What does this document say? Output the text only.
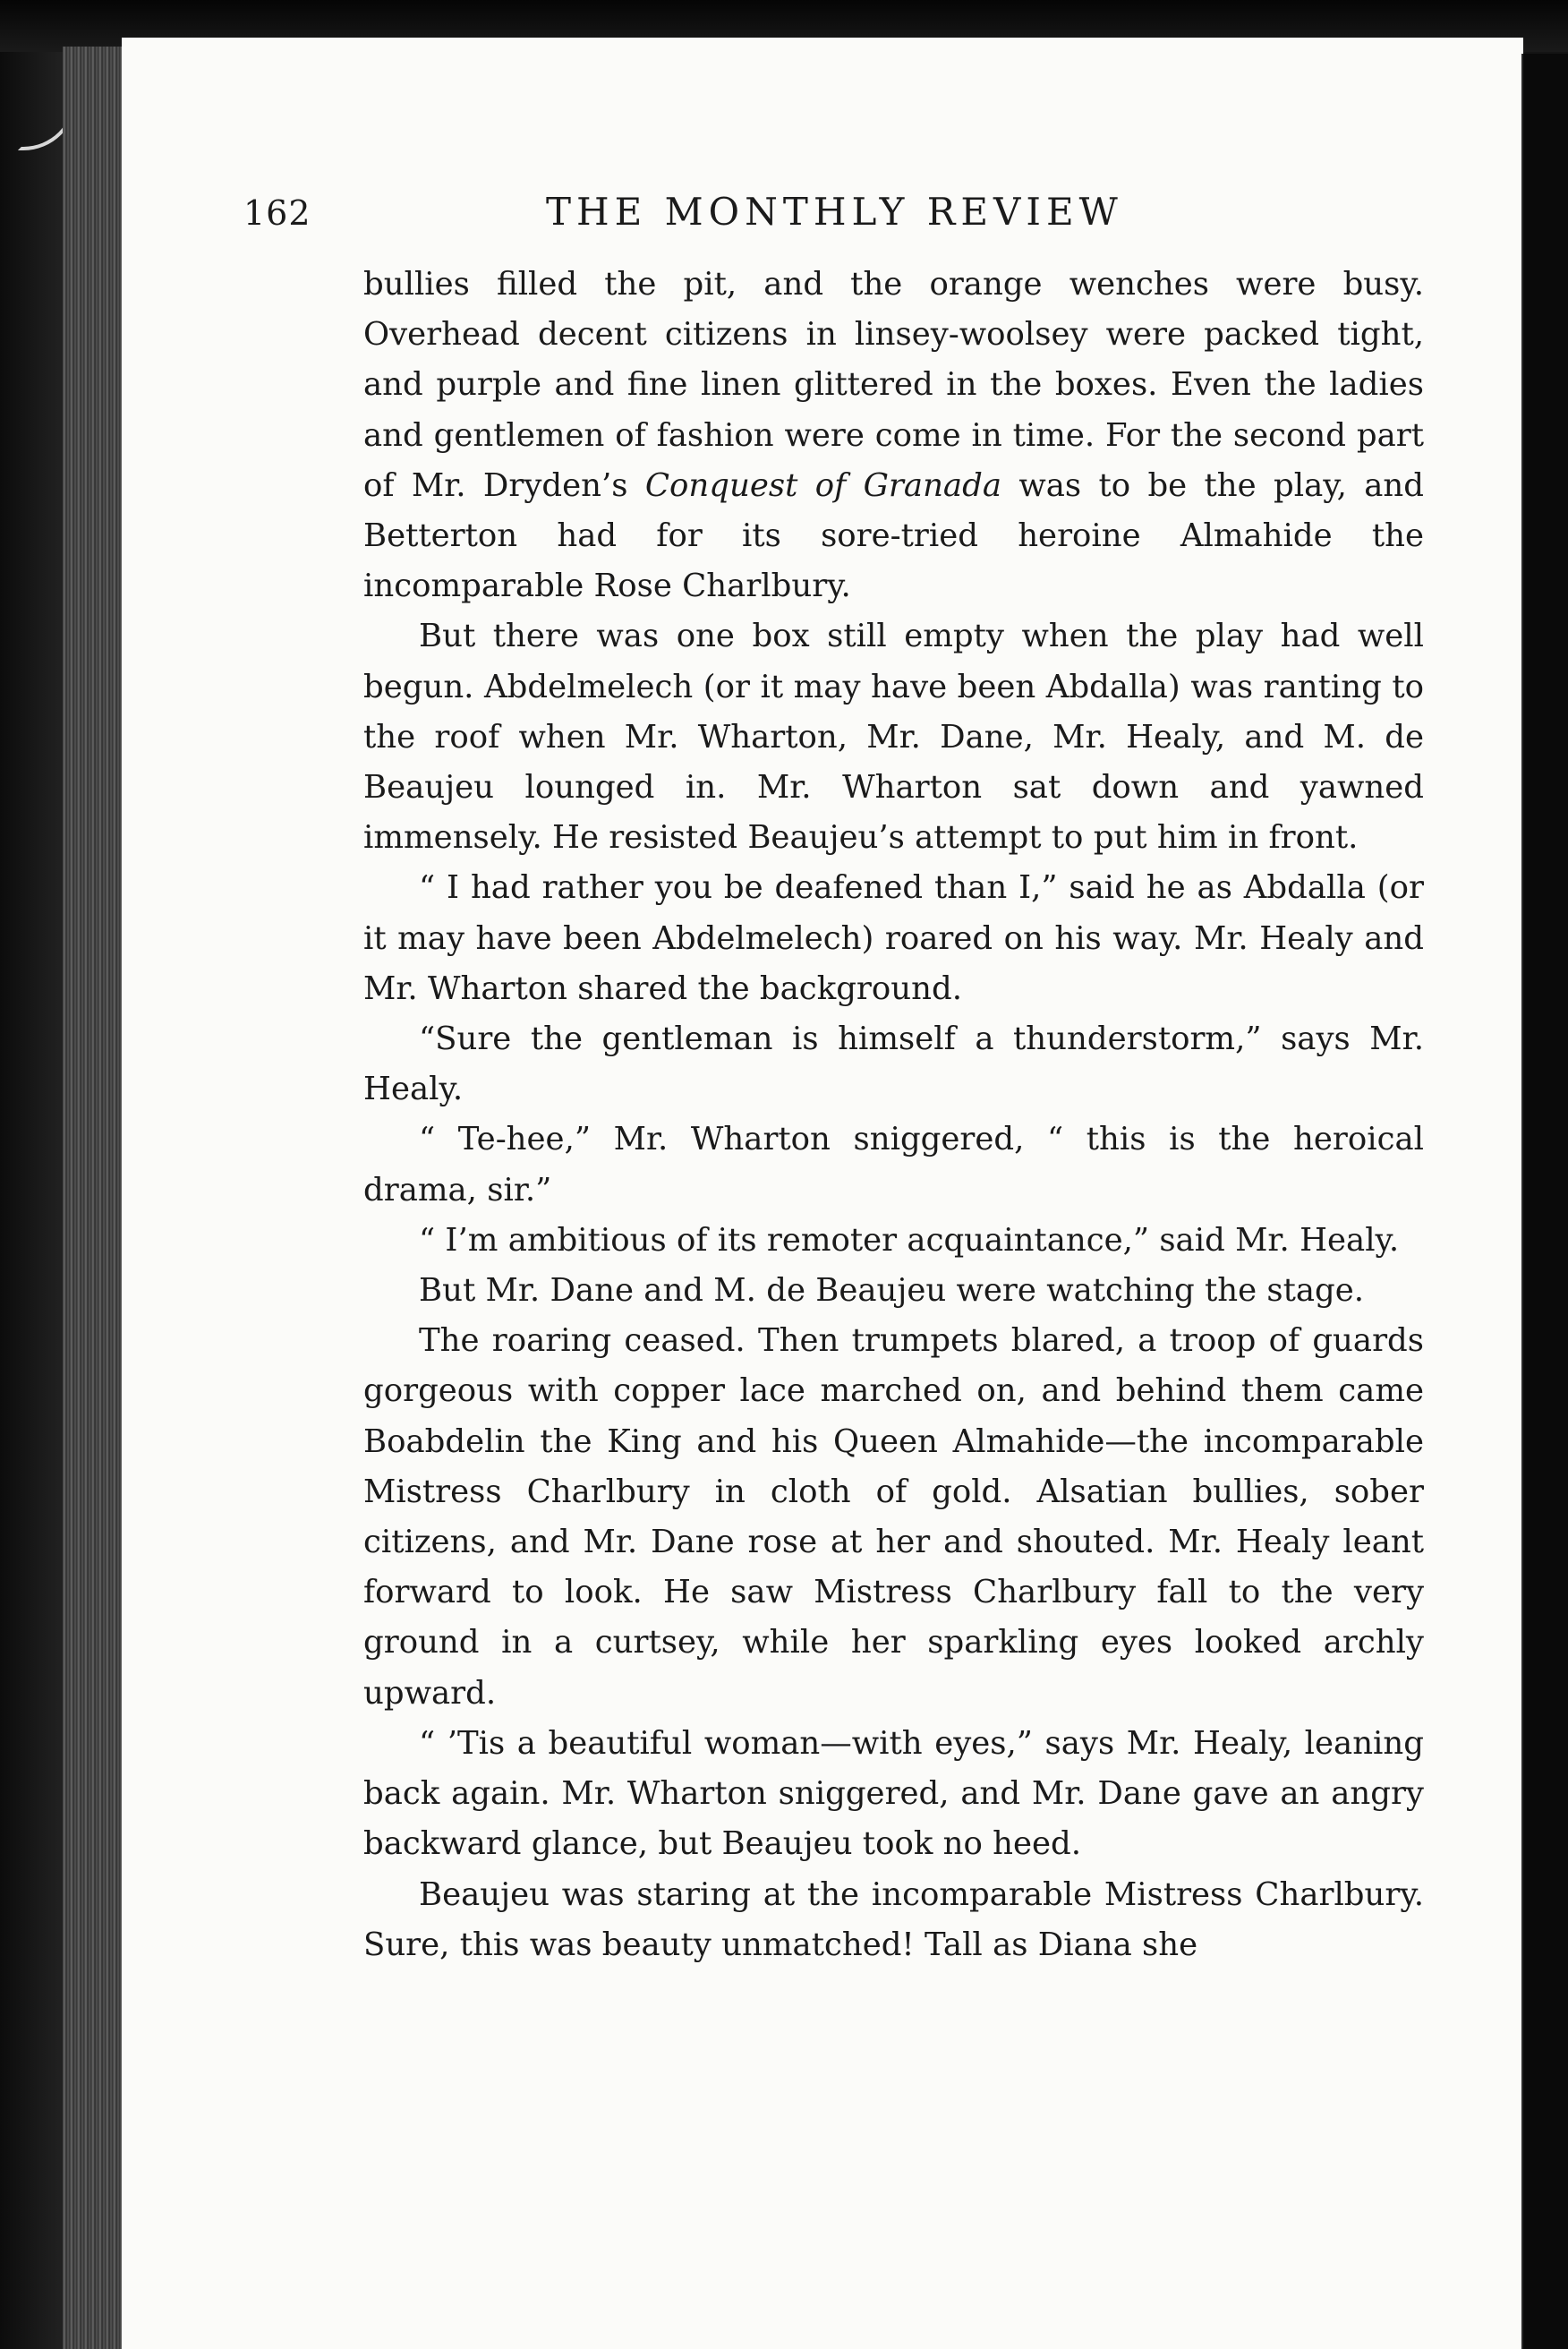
162	THE MONTHLY REVIEW

bullies filled the pit, and the orange wenches were busy. Overhead decent citizens in linsey-woolsey were packed tight, and purple and fine linen glittered in the boxes. Even the ladies and gentlemen of fashion were come in time. For the second part of Mr. Dryden’s Conquest of Granada was to be the play, and Betterton had for its sore-tried heroine Almahide the incomparable Rose Charlbury.

But there was one box still empty when the play had well begun. Abdelmelech (or it may have been Abdalla) was ranting to the roof when Mr. Wharton, Mr. Dane, Mr. Healy, and M. de Beaujeu lounged in. Mr. Wharton sat down and yawned immensely. He resisted Beaujeu’s attempt to put him in front.

“ I had rather you be deafened than I,” said he as Abdalla (or it may have been Abdelmelech) roared on his way. Mr. Healy and Mr. Wharton shared the background.

“Sure the gentleman is himself a thunderstorm,” says Mr. Healy.

“ Te-hee,” Mr. Wharton sniggered, “ this is the heroical drama, sir.”

“ I’m ambitious of its remoter acquaintance,” said Mr. Healy.

But Mr. Dane and M. de Beaujeu were watching the stage.

The roaring ceased. Then trumpets blared, a troop of guards gorgeous with copper lace marched on, and behind them came Boabdelin the King and his Queen Almahide—the incomparable Mistress Charlbury in cloth of gold. Alsatian bullies, sober citizens, and Mr. Dane rose at her and shouted. Mr. Healy leant forward to look. He saw Mistress Charlbury fall to the very ground in a curtsey, while her sparkling eyes looked archly upward.

“ ’Tis a beautiful woman—with eyes,” says Mr. Healy, leaning back again. Mr. Wharton sniggered, and Mr. Dane gave an angry backward glance, but Beaujeu took no heed.

Beaujeu was staring at the incomparable Mistress Charlbury. Sure, this was beauty unmatched! Tall as Diana she
